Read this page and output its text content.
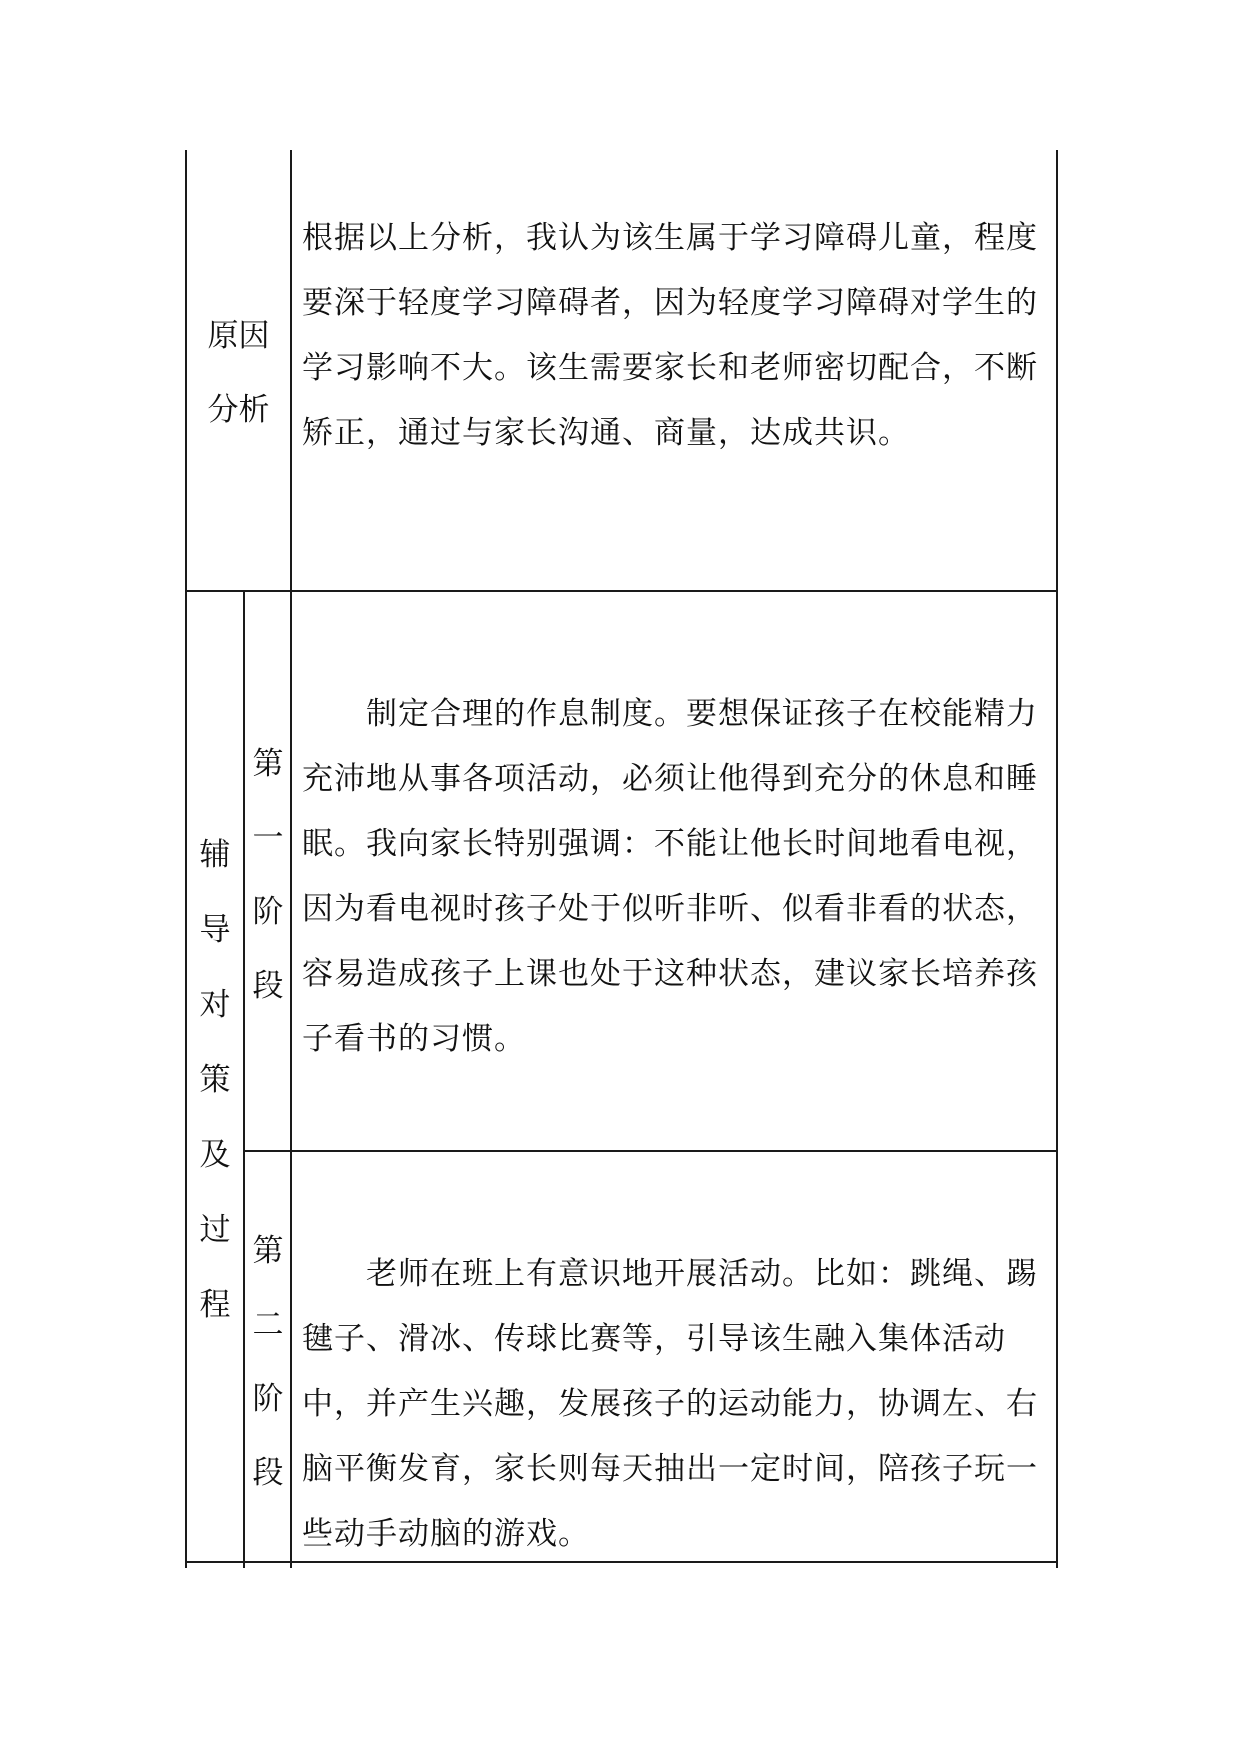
原因
分析
根据以上分析，我认为该生属于学习障碍儿童，程度要深于轻度学习障碍者，因为轻度学习障碍对学生的学习影响不大。该生需要家长和老师密切配合，不断矫正，通过与家长沟通、商量，达成共识。
辅
导
对
策
及
过
程
第
一
阶
段
　　制定合理的作息制度。要想保证孩子在校能精力充沛地从事各项活动，必须让他得到充分的休息和睡眠。我向家长特别强调：不能让他长时间地看电视，因为看电视时孩子处于似听非听、似看非看的状态，容易造成孩子上课也处于这种状态，建议家长培养孩子看书的习惯。
第
二
阶
段
　　老师在班上有意识地开展活动。比如：跳绳、踢毽子、滑冰、传球比赛等，引导该生融入集体活动中，并产生兴趣，发展孩子的运动能力，协调左、右脑平衡发育，家长则每天抽出一定时间，陪孩子玩一些动手动脑的游戏。
